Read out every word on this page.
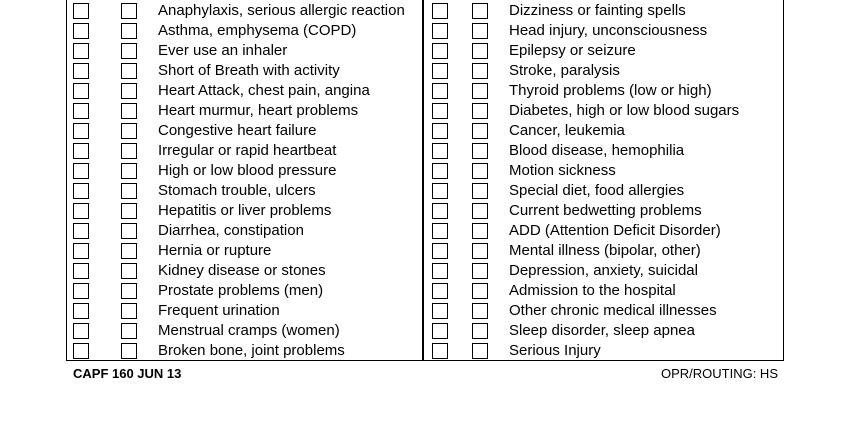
Anaphylaxis, serious allergic reaction
Asthma, emphysema (COPD)
Ever use an inhaler
Short of Breath with activity
Heart Attack, chest pain, angina
Heart murmur, heart problems
Congestive heart failure
Irregular or rapid heartbeat
High or low blood pressure
Stomach trouble, ulcers
Hepatitis or liver problems
Diarrhea, constipation
Hernia or rupture
Kidney disease or stones
Prostate problems (men)
Frequent urination
Menstrual cramps (women)
Broken bone, joint problems
Dizziness or fainting spells
Head injury, unconsciousness
Epilepsy or seizure
Stroke, paralysis
Thyroid problems (low or high)
Diabetes, high or low blood sugars
Cancer, leukemia
Blood disease, hemophilia
Motion sickness
Special diet, food allergies
Current bedwetting problems
ADD (Attention Deficit Disorder)
Mental illness (bipolar, other)
Depression, anxiety, suicidal
Admission to the hospital
Other chronic medical illnesses
Sleep disorder, sleep apnea
Serious Injury
CAPF 160 JUN 13	OPR/ROUTING: HS
